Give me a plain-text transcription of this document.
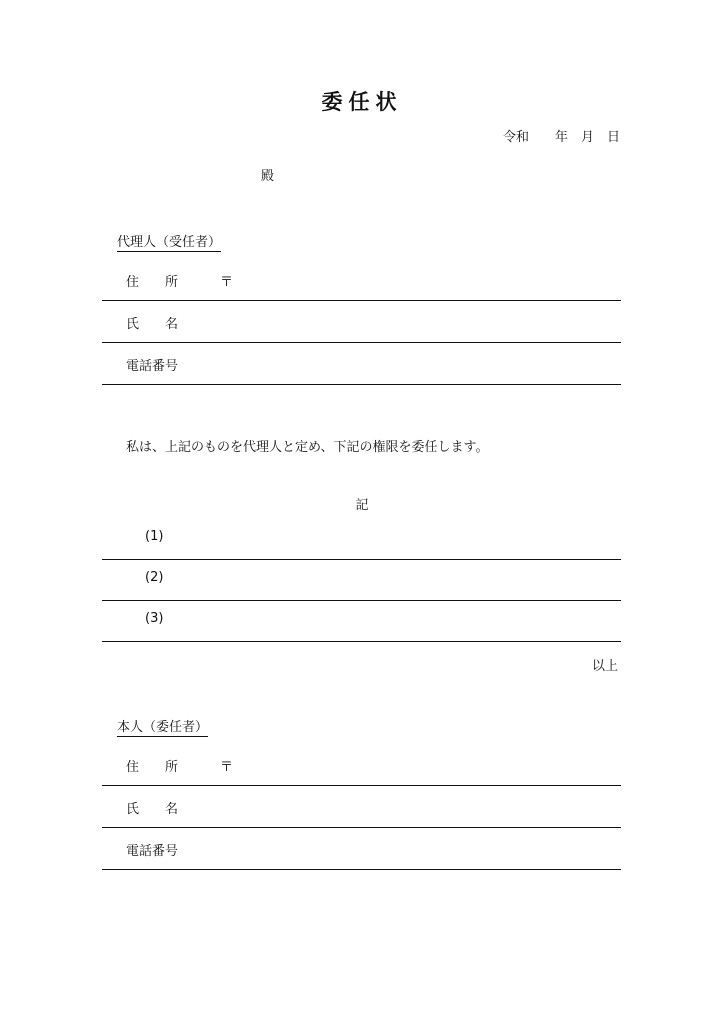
委任状
令和　　年　月　日
殿
代理人（受任者）
住　　所	〒
氏　　名
電話番号
私は、上記のものを代理人と定め、下記の権限を委任します。
記
(1)
(2)
(3)
以上
本人（委任者）
住　　所	〒
氏　　名
電話番号
